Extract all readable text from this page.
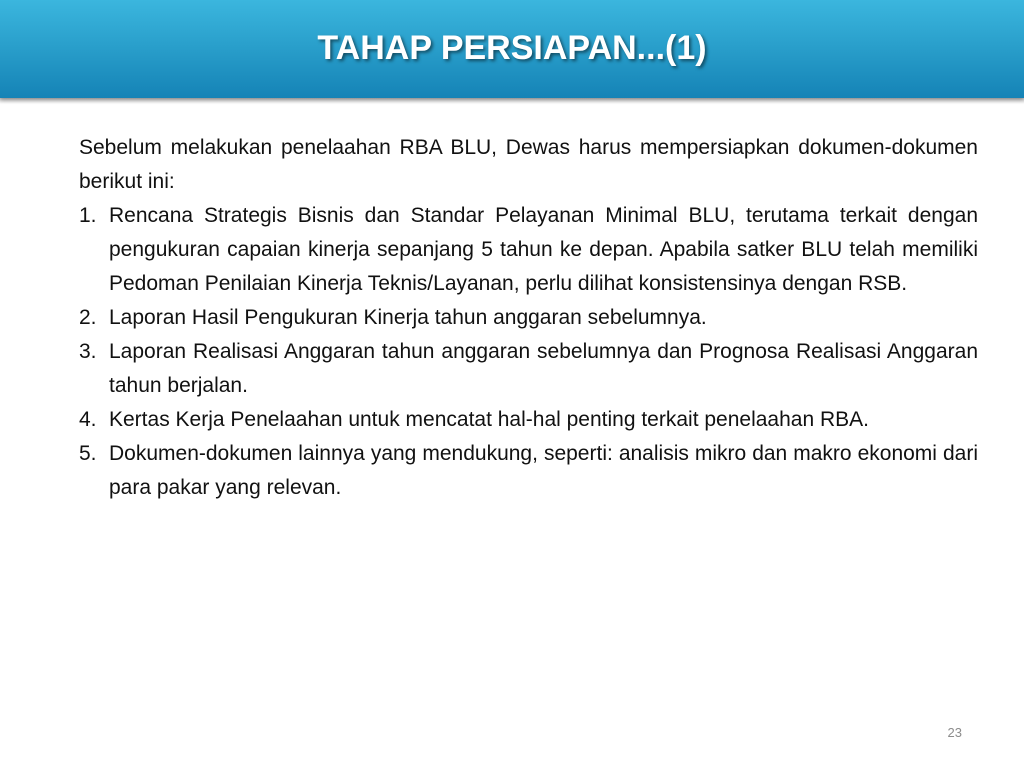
TAHAP PERSIAPAN...(1)

Sebelum melakukan penelaahan RBA BLU, Dewas harus mempersiapkan dokumen-dokumen berikut ini:

1. Rencana Strategis Bisnis dan Standar Pelayanan Minimal BLU, terutama terkait dengan pengukuran capaian kinerja sepanjang 5 tahun ke depan. Apabila satker BLU telah memiliki Pedoman Penilaian Kinerja Teknis/Layanan, perlu dilihat konsistensinya dengan RSB.
2. Laporan Hasil Pengukuran Kinerja tahun anggaran sebelumnya.
3. Laporan Realisasi Anggaran tahun anggaran sebelumnya dan Prognosa Realisasi Anggaran tahun berjalan.
4. Kertas Kerja Penelaahan untuk mencatat hal-hal penting terkait penelaahan RBA.
5. Dokumen-dokumen lainnya yang mendukung, seperti: analisis mikro dan makro ekonomi dari para pakar yang relevan.
23
